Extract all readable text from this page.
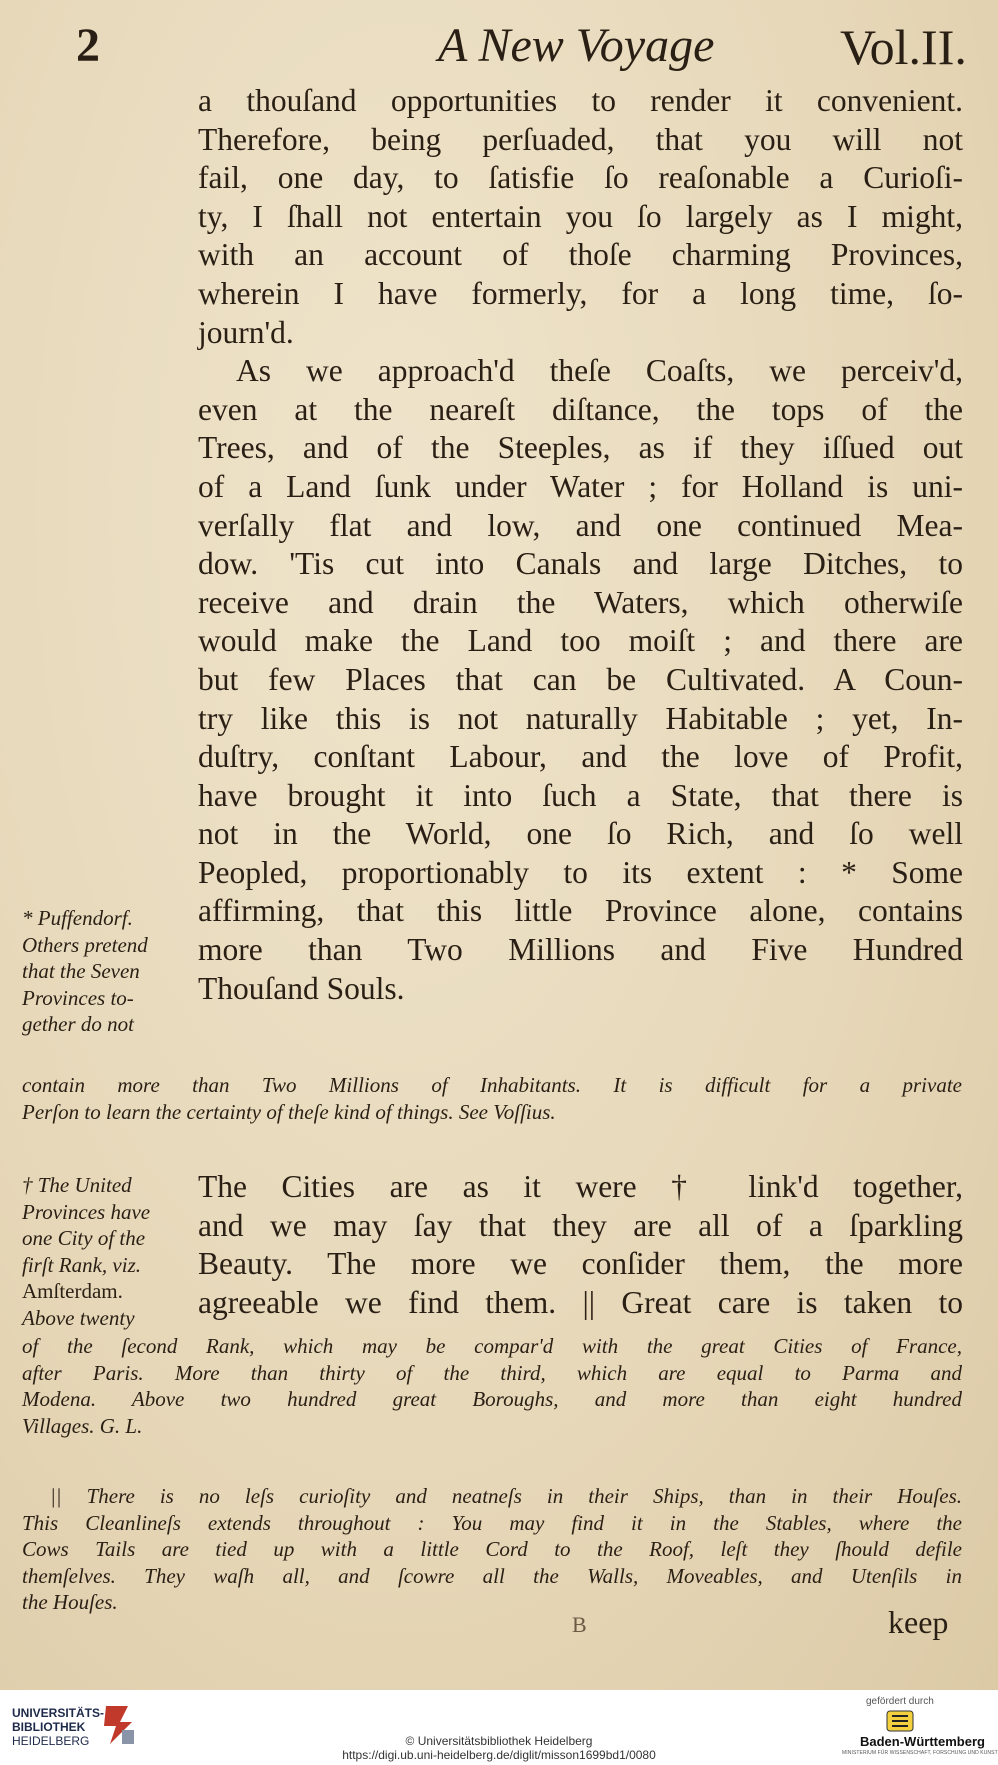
2	A New Voyage	Vol.II.
a thouſand opportunities to render it convenient.
Therefore, being perſuaded, that you will not
fail, one day, to ſatisfie ſo reaſonable a Curioſi-
ty, I ſhall not entertain you ſo largely as I might,
with an account of thoſe charming Provinces,
wherein I have formerly, for a long time, ſo-
journ'd.
As we approach'd theſe Coaſts, we perceiv'd,
even at the neareſt diſtance, the tops of the
Trees, and of the Steeples, as if they iſſued out
of a Land ſunk under Water ; for Holland is uni-
verſally flat and low, and one continued Mea-
dow. 'Tis cut into Canals and large Ditches, to
receive and drain the Waters, which otherwiſe
would make the Land too moiſt ; and there are
but few Places that can be Cultivated. A Coun-
try like this is not naturally Habitable ; yet, In-
duſtry, conſtant Labour, and the love of Profit,
have brought it into ſuch a State, that there is
not in the World, one ſo Rich, and ſo well
Peopled, proportionably to its extent : * Some
affirming, that this little Province alone, contains
more than Two Millions and Five Hundred
Thouſand Souls.
* Puffendorf.
Others pretend
that the Seven
Provinces to-
gether do not
contain more than Two Millions of Inhabitants. It is difficult for a private
Perſon to learn the certainty of theſe kind of things. See Voſſius.
The Cities are as it were † link'd together,
and we may ſay that they are all of a ſparkling
Beauty. The more we conſider them, the more
agreeable we find them. || Great care is taken to
† The United
Provinces have
one City of the
firſt Rank, viz.
Amſterdam.
Above twenty
of the ſecond Rank, which may be compar'd with the great Cities of France,
after Paris. More than thirty of the third, which are equal to Parma and
Modena. Above two hundred great Boroughs, and more than eight hundred
Villages. G. L.
|| There is no leſs curioſity and neatneſs in their Ships, than in their Houſes.
This Cleanlineſs extends throughout : You may find it in the Stables, where the
Cows Tails are tied up with a little Cord to the Roof, leſt they ſhould defile
themſelves. They waſh all, and ſcowre all the Walls, Moveables, and Utenſils in
the Houſes.
B	keep
UNIVERSITÄTS-
BIBLIOTHEK
HEIDELBERG	© Universitätsbibliothek Heidelberg
https://digi.ub.uni-heidelberg.de/diglit/misson1699bd1/0080
gefördert durch
Baden-Württemberg
MINISTERIUM FÜR WISSENSCHAFT, FORSCHUNG UND KUNST
